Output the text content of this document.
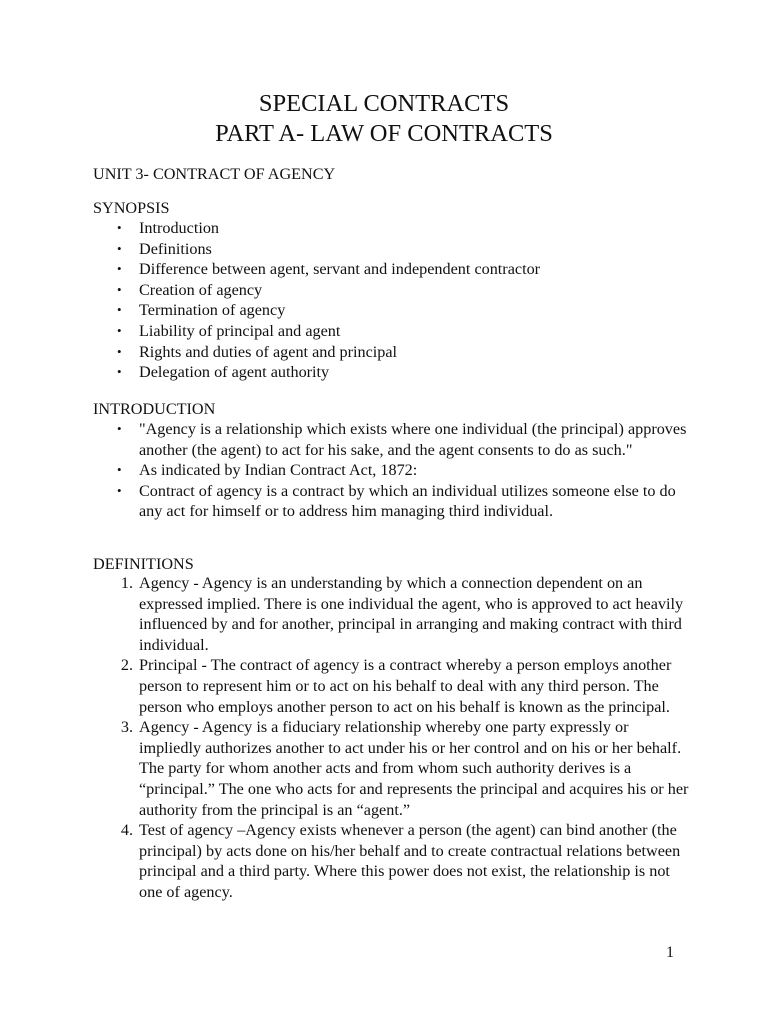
SPECIAL CONTRACTS
PART A- LAW OF CONTRACTS

UNIT 3- CONTRACT OF AGENCY

SYNOPSIS

Introduction
Definitions
Difference between agent, servant and independent contractor
Creation of agency
Termination of agency
Liability of principal and agent
Rights and duties of agent and principal
Delegation of agent authority

INTRODUCTION

"Agency is a relationship which exists where one individual (the principal) approves another (the agent) to act for his sake, and the agent consents to do as such."
As indicated by Indian Contract Act, 1872:
Contract of agency is a contract by which an individual utilizes someone else to do any act for himself or to address him managing third individual.

DEFINITIONS

1. Agency - Agency is an understanding by which a connection dependent on an expressed implied. There is one individual the agent, who is approved to act heavily influenced by and for another, principal in arranging and making contract with third individual.
2. Principal - The contract of agency is a contract whereby a person employs another person to represent him or to act on his behalf to deal with any third person. The person who employs another person to act on his behalf is known as the principal.
3. Agency - Agency is a fiduciary relationship whereby one party expressly or impliedly authorizes another to act under his or her control and on his or her behalf. The party for whom another acts and from whom such authority derives is a “principal.” The one who acts for and represents the principal and acquires his or her authority from the principal is an “agent.”
4. Test of agency –Agency exists whenever a person (the agent) can bind another (the principal) by acts done on his/her behalf and to create contractual relations between principal and a third party. Where this power does not exist, the relationship is not one of agency.
1
